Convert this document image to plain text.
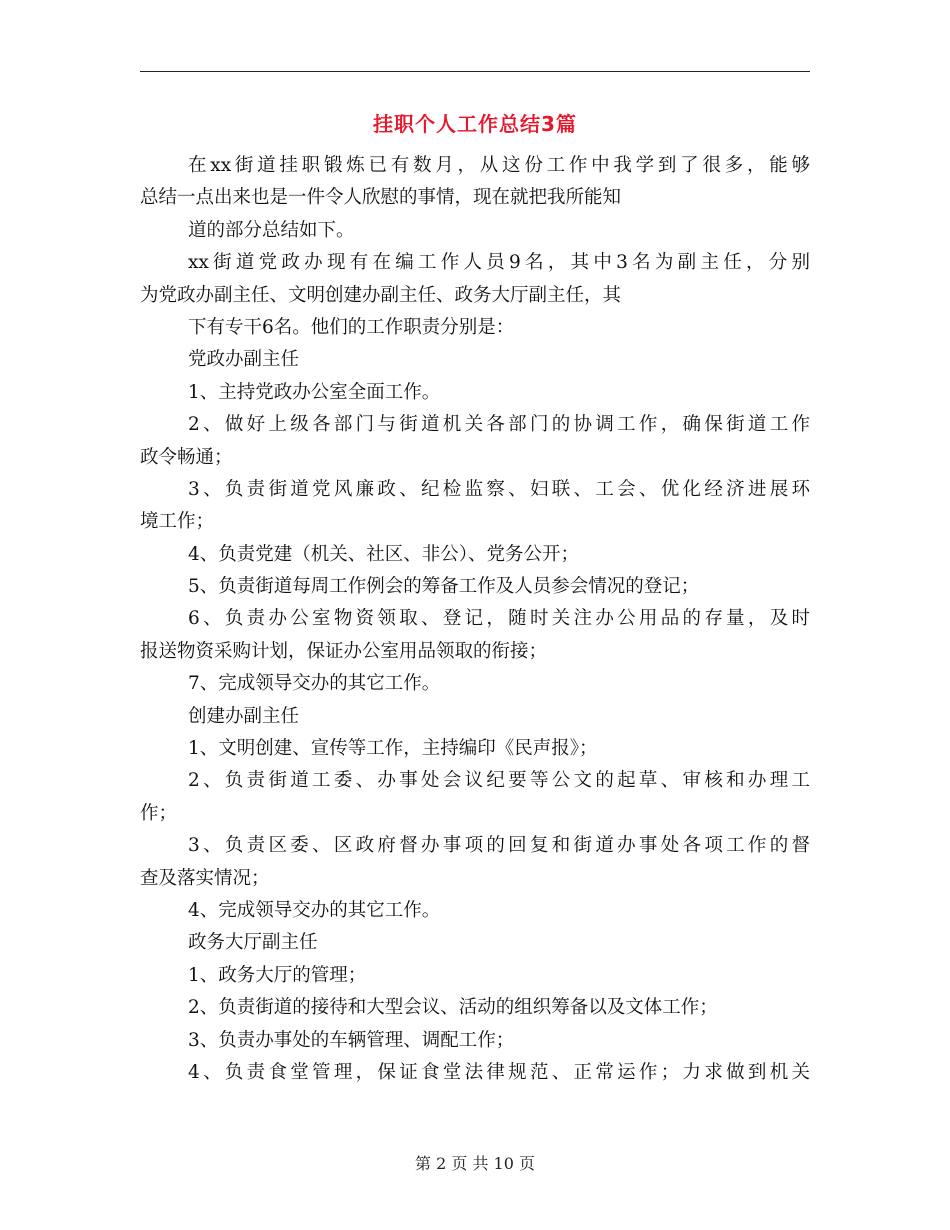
挂职个人工作总结3篇
在xx街道挂职锻炼已有数月，从这份工作中我学到了很多，能够
总结一点出来也是一件令人欣慰的事情，现在就把我所能知
道的部分总结如下。
xx街道党政办现有在编工作人员9名，其中3名为副主任，分别
为党政办副主任、文明创建办副主任、政务大厅副主任，其
下有专干6名。他们的工作职责分别是：
党政办副主任
1、主持党政办公室全面工作。
2、做好上级各部门与街道机关各部门的协调工作，确保街道工作
政令畅通；
3、负责街道党风廉政、纪检监察、妇联、工会、优化经济进展环
境工作；
4、负责党建（机关、社区、非公）、党务公开；
5、负责街道每周工作例会的筹备工作及人员参会情况的登记；
6、负责办公室物资领取、登记，随时关注办公用品的存量，及时
报送物资采购计划，保证办公室用品领取的衔接；
7、完成领导交办的其它工作。
创建办副主任
1、文明创建、宣传等工作，主持编印《民声报》；
2、负责街道工委、办事处会议纪要等公文的起草、审核和办理工
作；
3、负责区委、区政府督办事项的回复和街道办事处各项工作的督
查及落实情况；
4、完成领导交办的其它工作。
政务大厅副主任
1、政务大厅的管理；
2、负责街道的接待和大型会议、活动的组织筹备以及文体工作；
3、负责办事处的车辆管理、调配工作；
4、负责食堂管理，保证食堂法律规范、正常运作；力求做到机关
第 2 页 共 10 页
